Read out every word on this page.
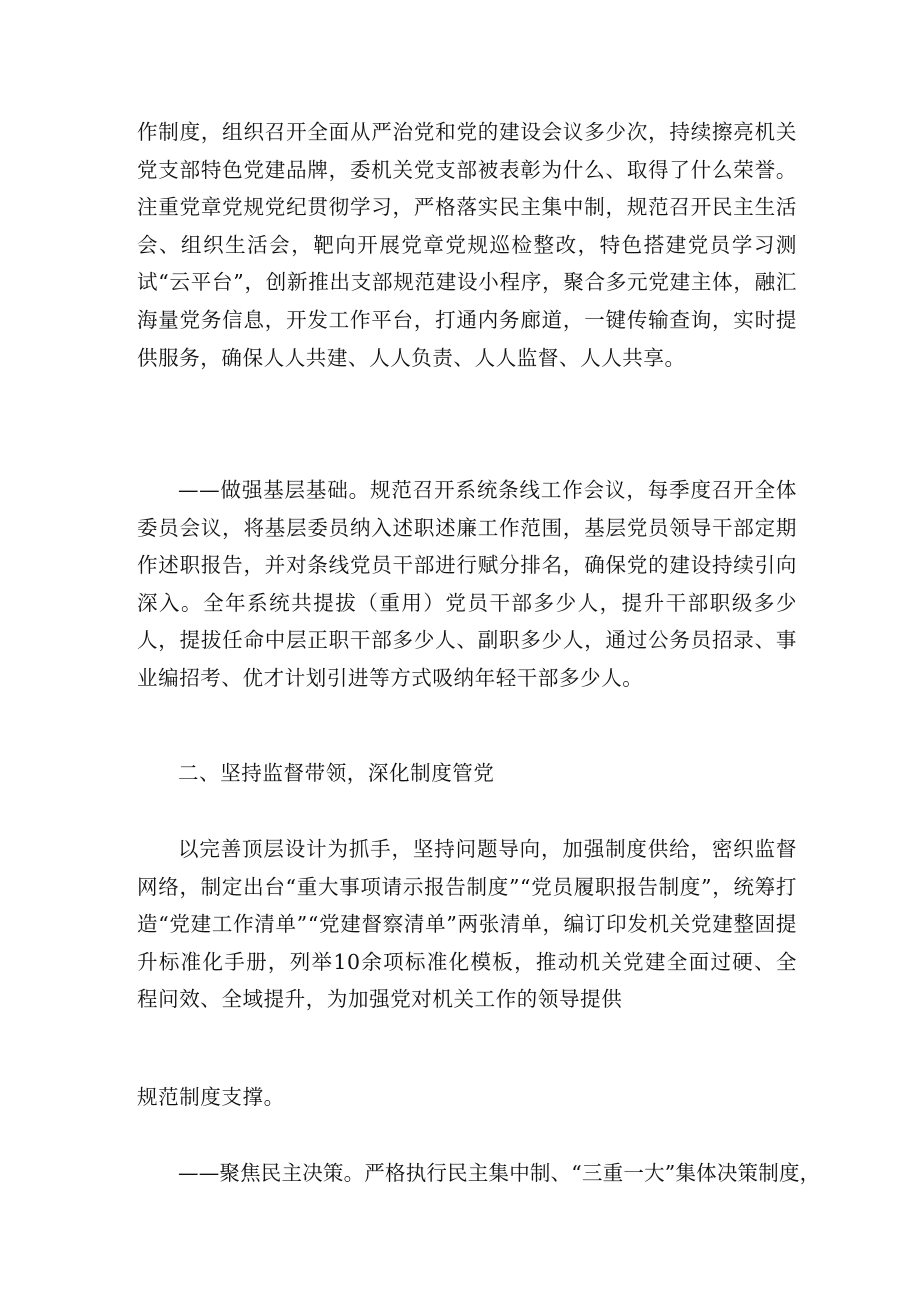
作制度，组织召开全面从严治党和党的建设会议多少次，持续擦亮机关党支部特色党建品牌，委机关党支部被表彰为什么、取得了什么荣誉。注重党章党规党纪贯彻学习，严格落实民主集中制，规范召开民主生活会、组织生活会，靶向开展党章党规巡检整改，特色搭建党员学习测试“云平台”，创新推出支部规范建设小程序，聚合多元党建主体，融汇海量党务信息，开发工作平台，打通内务廊道，一键传输查询，实时提供服务，确保人人共建、人人负责、人人监督、人人共享。

——做强基层基础。规范召开系统条线工作会议，每季度召开全体委员会议，将基层委员纳入述职述廉工作范围，基层党员领导干部定期作述职报告，并对条线党员干部进行赋分排名，确保党的建设持续引向深入。全年系统共提拔（重用）党员干部多少人，提升干部职级多少人，提拔任命中层正职干部多少人、副职多少人，通过公务员招录、事业编招考、优才计划引进等方式吸纳年轻干部多少人。

二、坚持监督带领，深化制度管党

以完善顶层设计为抓手，坚持问题导向，加强制度供给，密织监督网络，制定出台“重大事项请示报告制度”“党员履职报告制度”，统筹打造“党建工作清单”“党建督察清单”两张清单，编订印发机关党建整固提升标准化手册，列举10余项标准化模板，推动机关党建全面过硬、全程问效、全域提升，为加强党对机关工作的领导提供

规范制度支撑。

——聚焦民主决策。严格执行民主集中制、“三重一大”集体决策制度，
